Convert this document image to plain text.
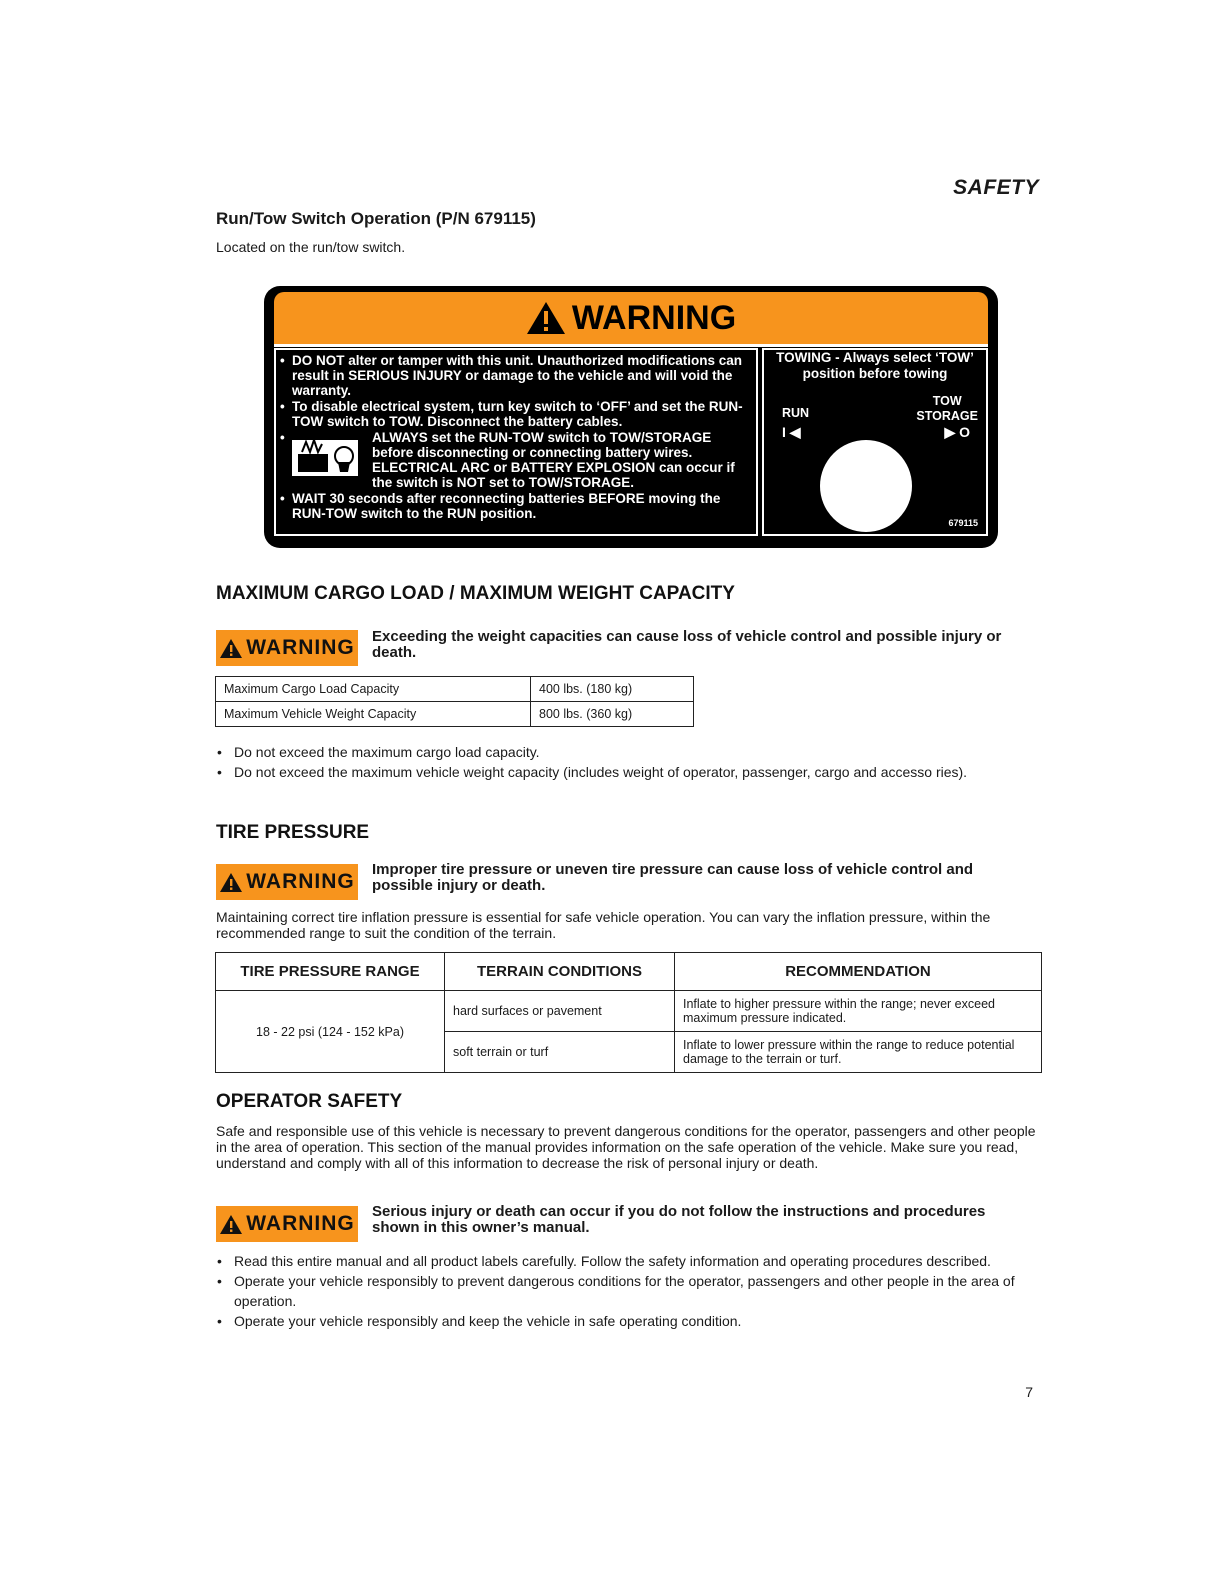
SAFETY
Run/Tow Switch Operation (P/N 679115)
Located on the run/tow switch.
WARNING
• DO NOT alter or tamper with this unit. Unauthorized modifications can result in SERIOUS INJURY or damage to the vehicle and will void the warranty.
• To disable electrical system, turn key switch to ‘OFF’ and set the RUN-TOW switch to TOW. Disconnect the battery cables.
• ALWAYS set the RUN-TOW switch to TOW/STORAGE before disconnecting or connecting battery wires. ELECTRICAL ARC or BATTERY EXPLOSION can occur if the switch is NOT set to TOW/STORAGE.
• WAIT 30 seconds after reconnecting batteries BEFORE moving the RUN-TOW switch to the RUN position.
TOWING - Always select ‘TOW’ position before towing
RUN
TOW
STORAGE
I ◀	▶ O
679115
MAXIMUM CARGO LOAD / MAXIMUM WEIGHT CAPACITY
WARNING Exceeding the weight capacities can cause loss of vehicle control and possible injury or death.
Maximum Cargo Load Capacity	400 lbs. (180 kg)
Maximum Vehicle Weight Capacity	800 lbs. (360 kg)
• Do not exceed the maximum cargo load capacity.
• Do not exceed the maximum vehicle weight capacity (includes weight of operator, passenger, cargo and accesso ries).
TIRE PRESSURE
WARNING
Improper tire pressure or uneven tire pressure can cause loss of vehicle control and possible injury or death.
Maintaining correct tire inflation pressure is essential for safe vehicle operation. You can vary the inflation pressure, within the recommended range to suit the condition of the terrain.
TIRE PRESSURE RANGE	TERRAIN CONDITIONS	RECOMMENDATION
18 - 22 psi (124 - 152 kPa)	hard surfaces or pavement	Inflate to higher pressure within the range; never exceed maximum pressure indicated.
	soft terrain or turf	Inflate to lower pressure within the range to reduce potential damage to the terrain or turf.
OPERATOR SAFETY
Safe and responsible use of this vehicle is necessary to prevent dangerous conditions for the operator, passengers and other people in the area of operation. This section of the manual provides information on the safe operation of the vehicle. Make sure you read, understand and comply with all of this information to decrease the risk of personal injury or death.
WARNING
Serious injury or death can occur if you do not follow the instructions and procedures shown in this owner’s manual.
• Read this entire manual and all product labels carefully. Follow the safety information and operating procedures described.
• Operate your vehicle responsibly to prevent dangerous conditions for the operator, passengers and other people in the area of operation.
• Operate your vehicle responsibly and keep the vehicle in safe operating condition.
7
